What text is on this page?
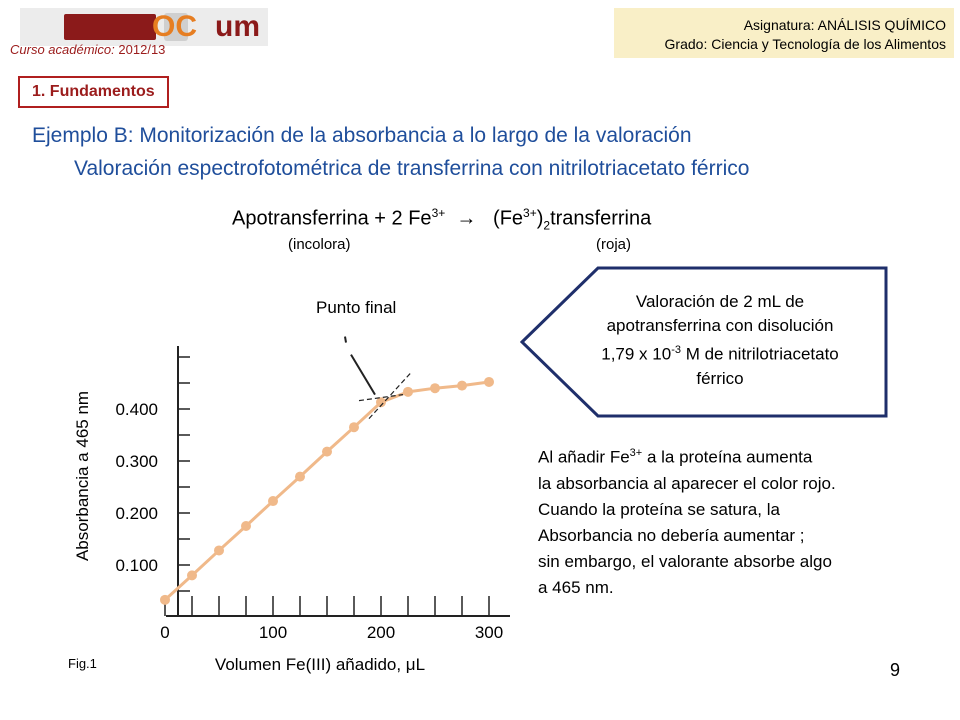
OC um
Curso académico: 2012/13
Asignatura: ANÁLISIS QUÍMICO
Grado: Ciencia y Tecnología de los Alimentos
1. Fundamentos
Ejemplo B: Monitorización de la absorbancia a lo largo de la valoración
Valoración espectrofotométrica de transferrina con nitrilotriacetato férrico
Apotransferrina + 2 $Fe^{3+}$ → $(Fe^{3+})_2transferrina$
(incolora)	(roja)
0.100
0.200
0.300
0.400
0	100	200	300
Volumen Fe(III) añadido, μL
Absorbancia a 465 nm
Punto final	Valoración de 2 mL de
apotransferrina con disolución
1,79 x $10^{-3}$ M de nitrilotriacetato
férrico

Al añadir $Fe^{3+}$ a la proteína aumenta

la absorbancia al aparecer el color rojo.

Cuando la proteína se satura, la

Absorbancia no debería aumentar ;

sin embargo, el valorante absorbe algo

a 465 nm.

Fig.1	9
